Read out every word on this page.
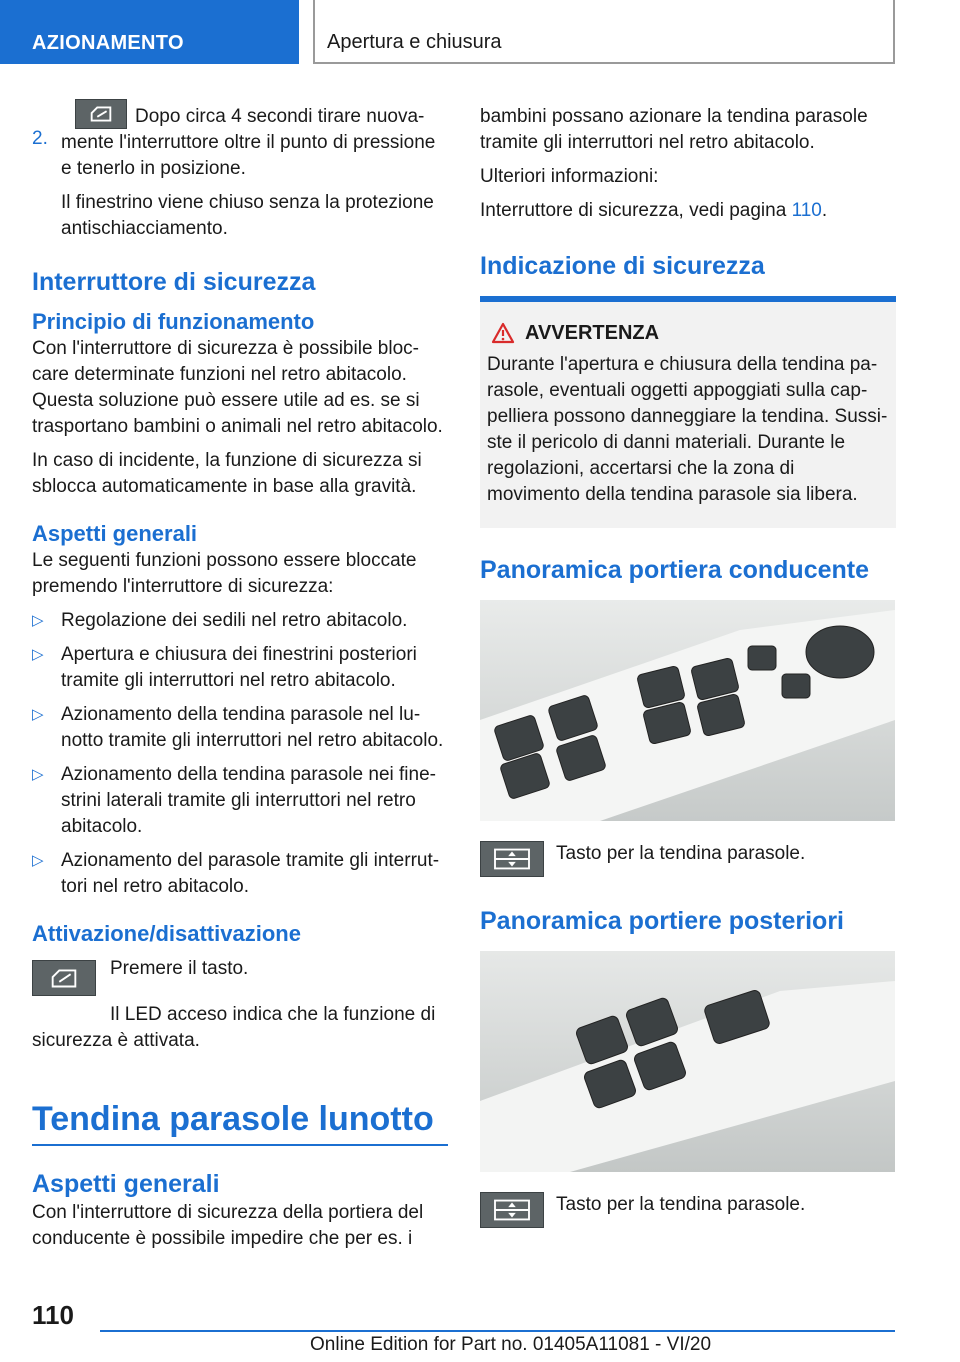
AZIONAMENTO	Apertura e chiusura
2.

Dopo circa 4 secondi tirare nuovamente l'interruttore oltre il punto di pressione e tenerlo in posizione.

Il finestrino viene chiuso senza la protezione antischiacciamento.

Interruttore di sicurezza
Principio di funzionamento

Con l'interruttore di sicurezza è possibile bloccare determinate funzioni nel retro abitacolo. Questa soluzione può essere utile ad es. se si trasportano bambini o animali nel retro abitacolo.

In caso di incidente, la funzione di sicurezza si sblocca automaticamente in base alla gravità.

Aspetti generali

Le seguenti funzioni possono essere bloccate premendo l'interruttore di sicurezza:

▷ Regolazione dei sedili nel retro abitacolo.
▷ Apertura e chiusura dei finestrini posteriori tramite gli interruttori nel retro abitacolo.
▷ Azionamento della tendina parasole nel lunotto tramite gli interruttori nel retro abitacolo.
▷ Azionamento della tendina parasole nei finestrini laterali tramite gli interruttori nel retro abitacolo.
▷ Azionamento del parasole tramite gli interruttori nel retro abitacolo.
Attivazione/disattivazione

Premere il tasto.

Il LED acceso indica che la funzione di sicurezza è attivata.

Tendina parasole lunotto
Aspetti generali

Con l'interruttore di sicurezza della portiera del conducente è possibile impedire che per es. i

bambini possano azionare la tendina parasole tramite gli interruttori nel retro abitacolo.

Ulteriori informazioni:

Interruttore di sicurezza, vedi pagina 110.

Indicazione di sicurezza
AVVERTENZA

Durante l'apertura e chiusura della tendina parasole, eventuali oggetti appoggiati sulla cappelliera possono danneggiare la tendina. Sussiste il pericolo di danni materiali. Durante le regolazioni, accertarsi che la zona di movimento della tendina parasole sia libera.

Panoramica portiera conducente

Tasto per la tendina parasole.

Panoramica portiere posteriori

Tasto per la tendina parasole.

110
Online Edition for Part no. 01405A11081 - VI/20
